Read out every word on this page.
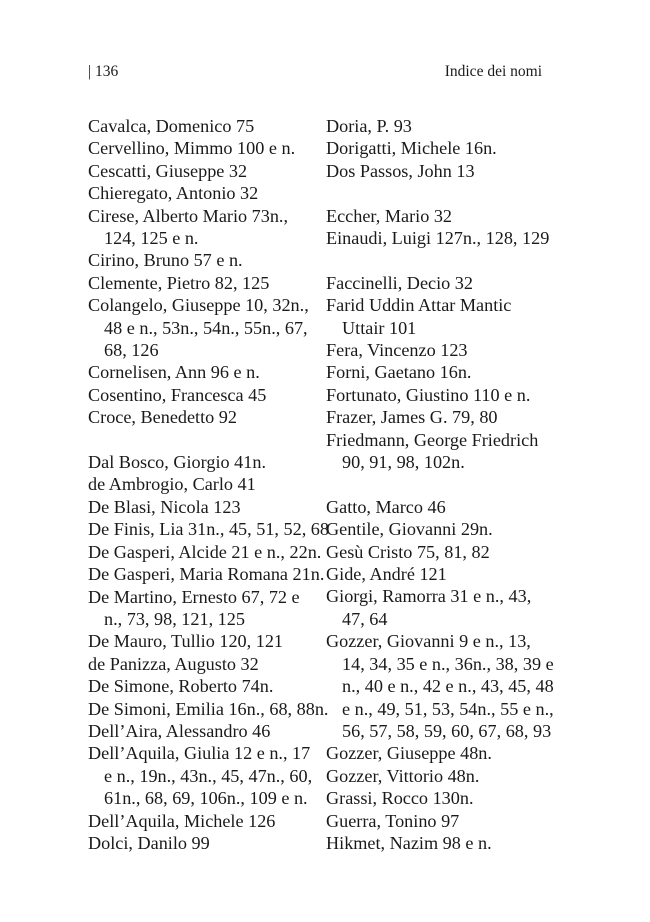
| 136	Indice dei nomi
Cavalca, Domenico 75
Cervellino, Mimmo 100 e n.
Cescatti, Giuseppe 32
Chieregato, Antonio 32
Cirese, Alberto Mario 73n.,
124, 125 e n.
Cirino, Bruno 57 e n.
Clemente, Pietro 82, 125
Colangelo, Giuseppe 10, 32n.,
48 e n., 53n., 54n., 55n., 67,
68, 126
Cornelisen, Ann 96 e n.
Cosentino, Francesca 45
Croce, Benedetto 92
Dal Bosco, Giorgio 41n.
de Ambrogio, Carlo 41
De Blasi, Nicola 123
De Finis, Lia 31n., 45, 51, 52, 68
De Gasperi, Alcide 21 e n., 22n.
De Gasperi, Maria Romana 21n.
De Martino, Ernesto 67, 72 e
n., 73, 98, 121, 125
De Mauro, Tullio 120, 121
de Panizza, Augusto 32
De Simone, Roberto 74n.
De Simoni, Emilia 16n., 68, 88n.
Dell’Aira, Alessandro 46
Dell’Aquila, Giulia 12 e n., 17
e n., 19n., 43n., 45, 47n., 60,
61n., 68, 69, 106n., 109 e n.
Dell’Aquila, Michele 126
Dolci, Danilo 99
Doria, P. 93
Dorigatti, Michele 16n.
Dos Passos, John 13
Eccher, Mario 32
Einaudi, Luigi 127n., 128, 129
Faccinelli, Decio 32
Farid Uddin Attar Mantic
Uttair 101
Fera, Vincenzo 123
Forni, Gaetano 16n.
Fortunato, Giustino 110 e n.
Frazer, James G. 79, 80
Friedmann, George Friedrich
90, 91, 98, 102n.
Gatto, Marco 46
Gentile, Giovanni 29n.
Gesù Cristo 75, 81, 82
Gide, André 121
Giorgi, Ramorra 31 e n., 43,
47, 64
Gozzer, Giovanni 9 e n., 13,
14, 34, 35 e n., 36n., 38, 39 e
n., 40 e n., 42 e n., 43, 45, 48
e n., 49, 51, 53, 54n., 55 e n.,
56, 57, 58, 59, 60, 67, 68, 93
Gozzer, Giuseppe 48n.
Gozzer, Vittorio 48n.
Grassi, Rocco 130n.
Guerra, Tonino 97
Hikmet, Nazim 98 e n.
